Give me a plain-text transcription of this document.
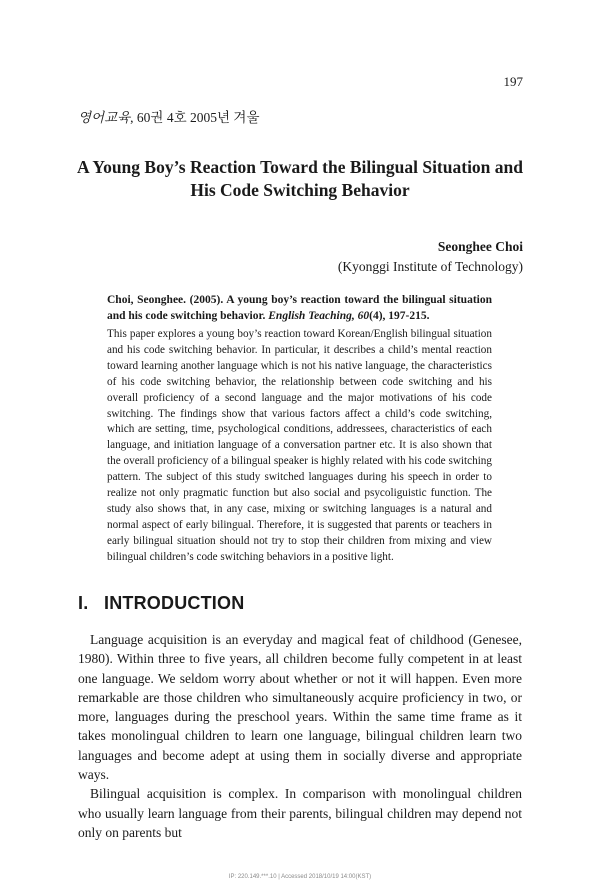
197
영어교육, 60권 4호 2005년 겨울
A Young Boy’s Reaction Toward the Bilingual Situation and
His Code Switching Behavior
Seonghee Choi
(Kyonggi Institute of Technology)
Choi, Seonghee. (2005). A young boy’s reaction toward the bilingual situation and his code switching behavior. English Teaching, 60(4), 197-215.

This paper explores a young boy’s reaction toward Korean/English bilingual situation and his code switching behavior. In particular, it describes a child’s mental reaction toward learning another language which is not his native language, the characteristics of his code switching behavior, the relationship between code switching and his overall proficiency of a second language and the major motivations of his code switching. The findings show that various factors affect a child’s code switching, which are setting, time, psychological conditions, addressees, characteristics of each language, and initiation language of a conversation partner etc. It is also shown that the overall proficiency of a bilingual speaker is highly related with his code switching pattern. The subject of this study switched languages during his speech in order to realize not only pragmatic function but also social and psycoliguistic function. The study also shows that, in any case, mixing or switching languages is a natural and normal aspect of early bilingual. Therefore, it is suggested that parents or teachers in early bilingual situation should not try to stop their children from mixing and view bilingual children’s code switching behaviors in a positive light.

I. INTRODUCTION

Language acquisition is an everyday and magical feat of childhood (Genesee, 1980). Within three to five years, all children become fully competent in at least one language. We seldom worry about whether or not it will happen. Even more remarkable are those children who simultaneously acquire proficiency in two, or more, languages during the preschool years. Within the same time frame as it takes monolingual children to learn one language, bilingual children learn two languages and become adept at using them in socially diverse and appropriate ways.

Bilingual acquisition is complex. In comparison with monolingual children who usually learn language from their parents, bilingual children may depend not only on parents but

IP: 220.149.***.10 | Accessed 2018/10/19 14:00(KST)
